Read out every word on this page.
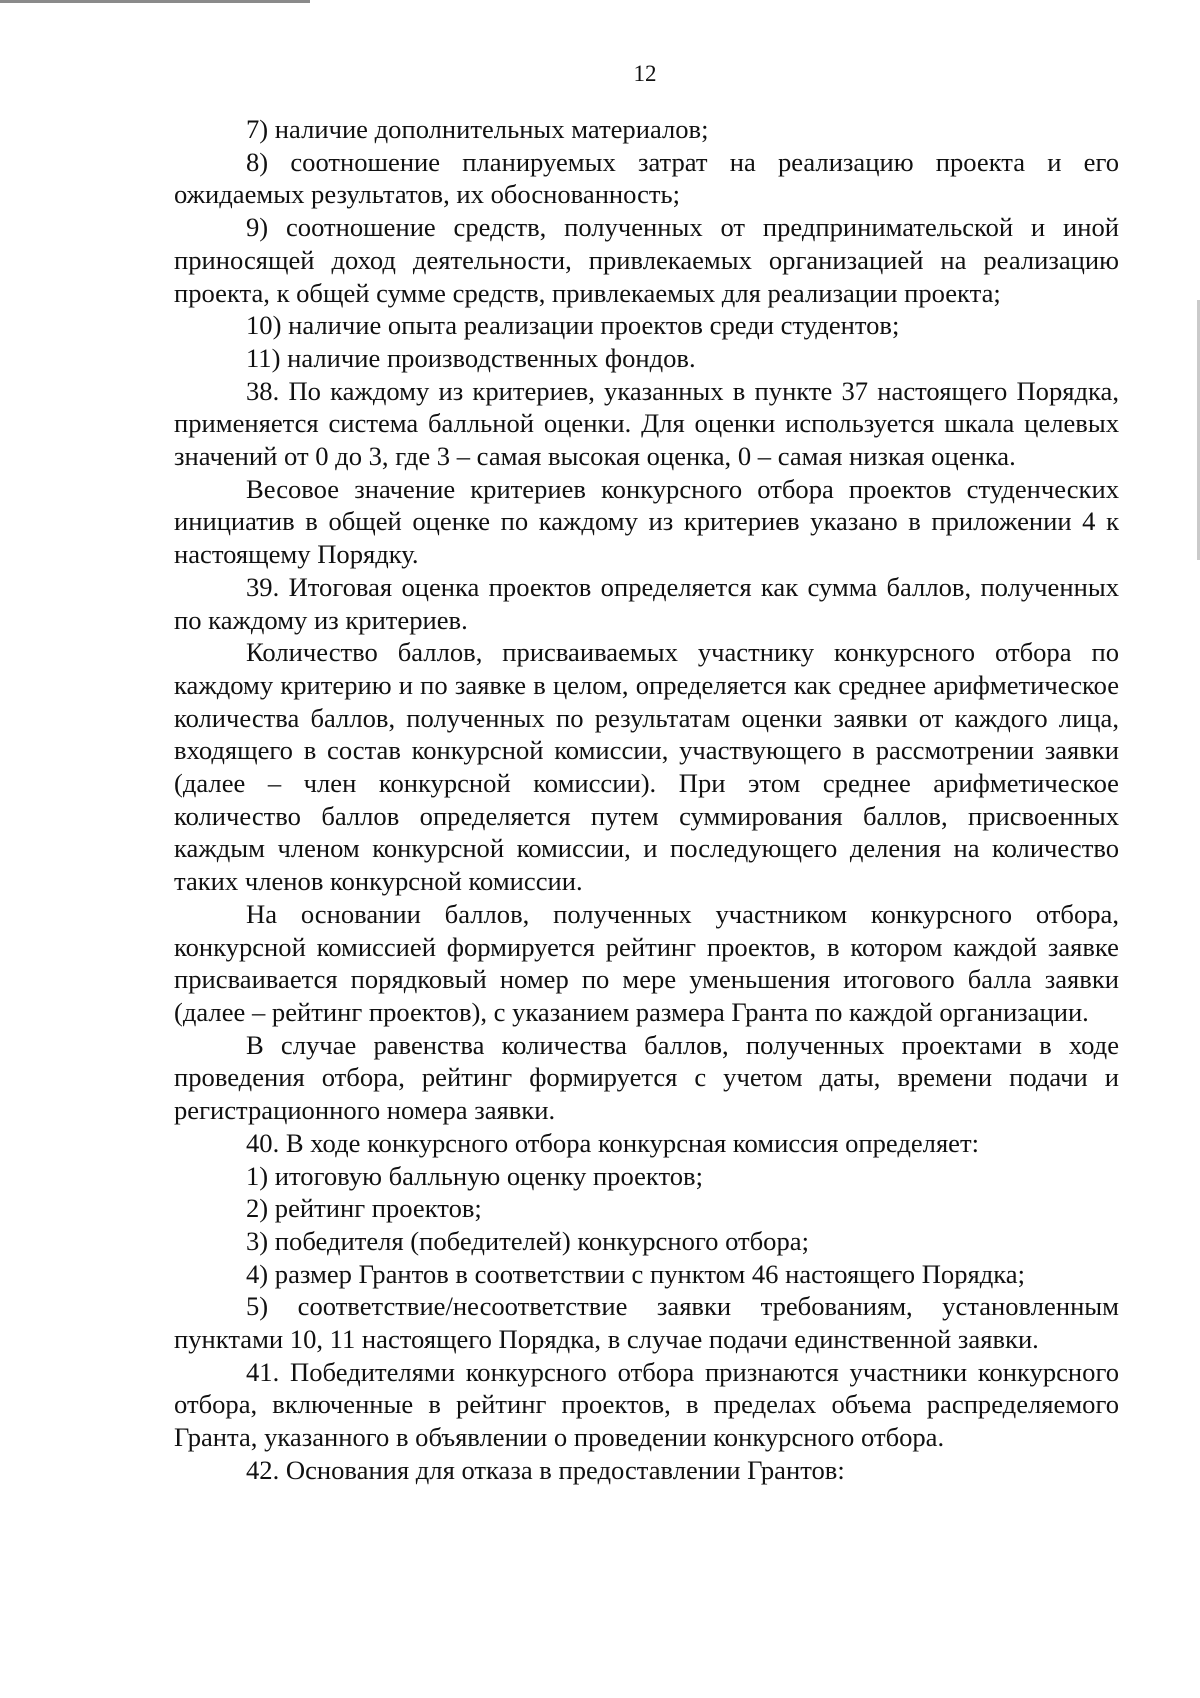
12

7) наличие дополнительных материалов;

8) соотношение планируемых затрат на реализацию проекта и его ожидаемых результатов, их обоснованность;

9) соотношение средств, полученных от предпринимательской и иной приносящей доход деятельности, привлекаемых организацией на реализацию проекта, к общей сумме средств, привлекаемых для реализации проекта;

10) наличие опыта реализации проектов среди студентов;

11) наличие производственных фондов.

38. По каждому из критериев, указанных в пункте 37 настоящего Порядка, применяется система балльной оценки. Для оценки используется шкала целевых значений от 0 до 3, где 3 – самая высокая оценка, 0 – самая низкая оценка.

Весовое значение критериев конкурсного отбора проектов студенческих инициатив в общей оценке по каждому из критериев указано в приложении 4 к настоящему Порядку.

39. Итоговая оценка проектов определяется как сумма баллов, полученных по каждому из критериев.

Количество баллов, присваиваемых участнику конкурсного отбора по каждому критерию и по заявке в целом, определяется как среднее арифметическое количества баллов, полученных по результатам оценки заявки от каждого лица, входящего в состав конкурсной комиссии, участвующего в рассмотрении заявки (далее – член конкурсной комиссии). При этом среднее арифметическое количество баллов определяется путем суммирования баллов, присвоенных каждым членом конкурсной комиссии, и последующего деления на количество таких членов конкурсной комиссии.

На основании баллов, полученных участником конкурсного отбора, конкурсной комиссией формируется рейтинг проектов, в котором каждой заявке присваивается порядковый номер по мере уменьшения итогового балла заявки (далее – рейтинг проектов), с указанием размера Гранта по каждой организации.

В случае равенства количества баллов, полученных проектами в ходе проведения отбора, рейтинг формируется с учетом даты, времени подачи и регистрационного номера заявки.

40. В ходе конкурсного отбора конкурсная комиссия определяет:

1) итоговую балльную оценку проектов;

2) рейтинг проектов;

3) победителя (победителей) конкурсного отбора;

4) размер Грантов в соответствии с пунктом 46 настоящего Порядка;

5) соответствие/несоответствие заявки требованиям, установленным пунктами 10, 11 настоящего Порядка, в случае подачи единственной заявки.

41. Победителями конкурсного отбора признаются участники конкурсного отбора, включенные в рейтинг проектов, в пределах объема распределяемого Гранта, указанного в объявлении о проведении конкурсного отбора.

42. Основания для отказа в предоставлении Грантов:
